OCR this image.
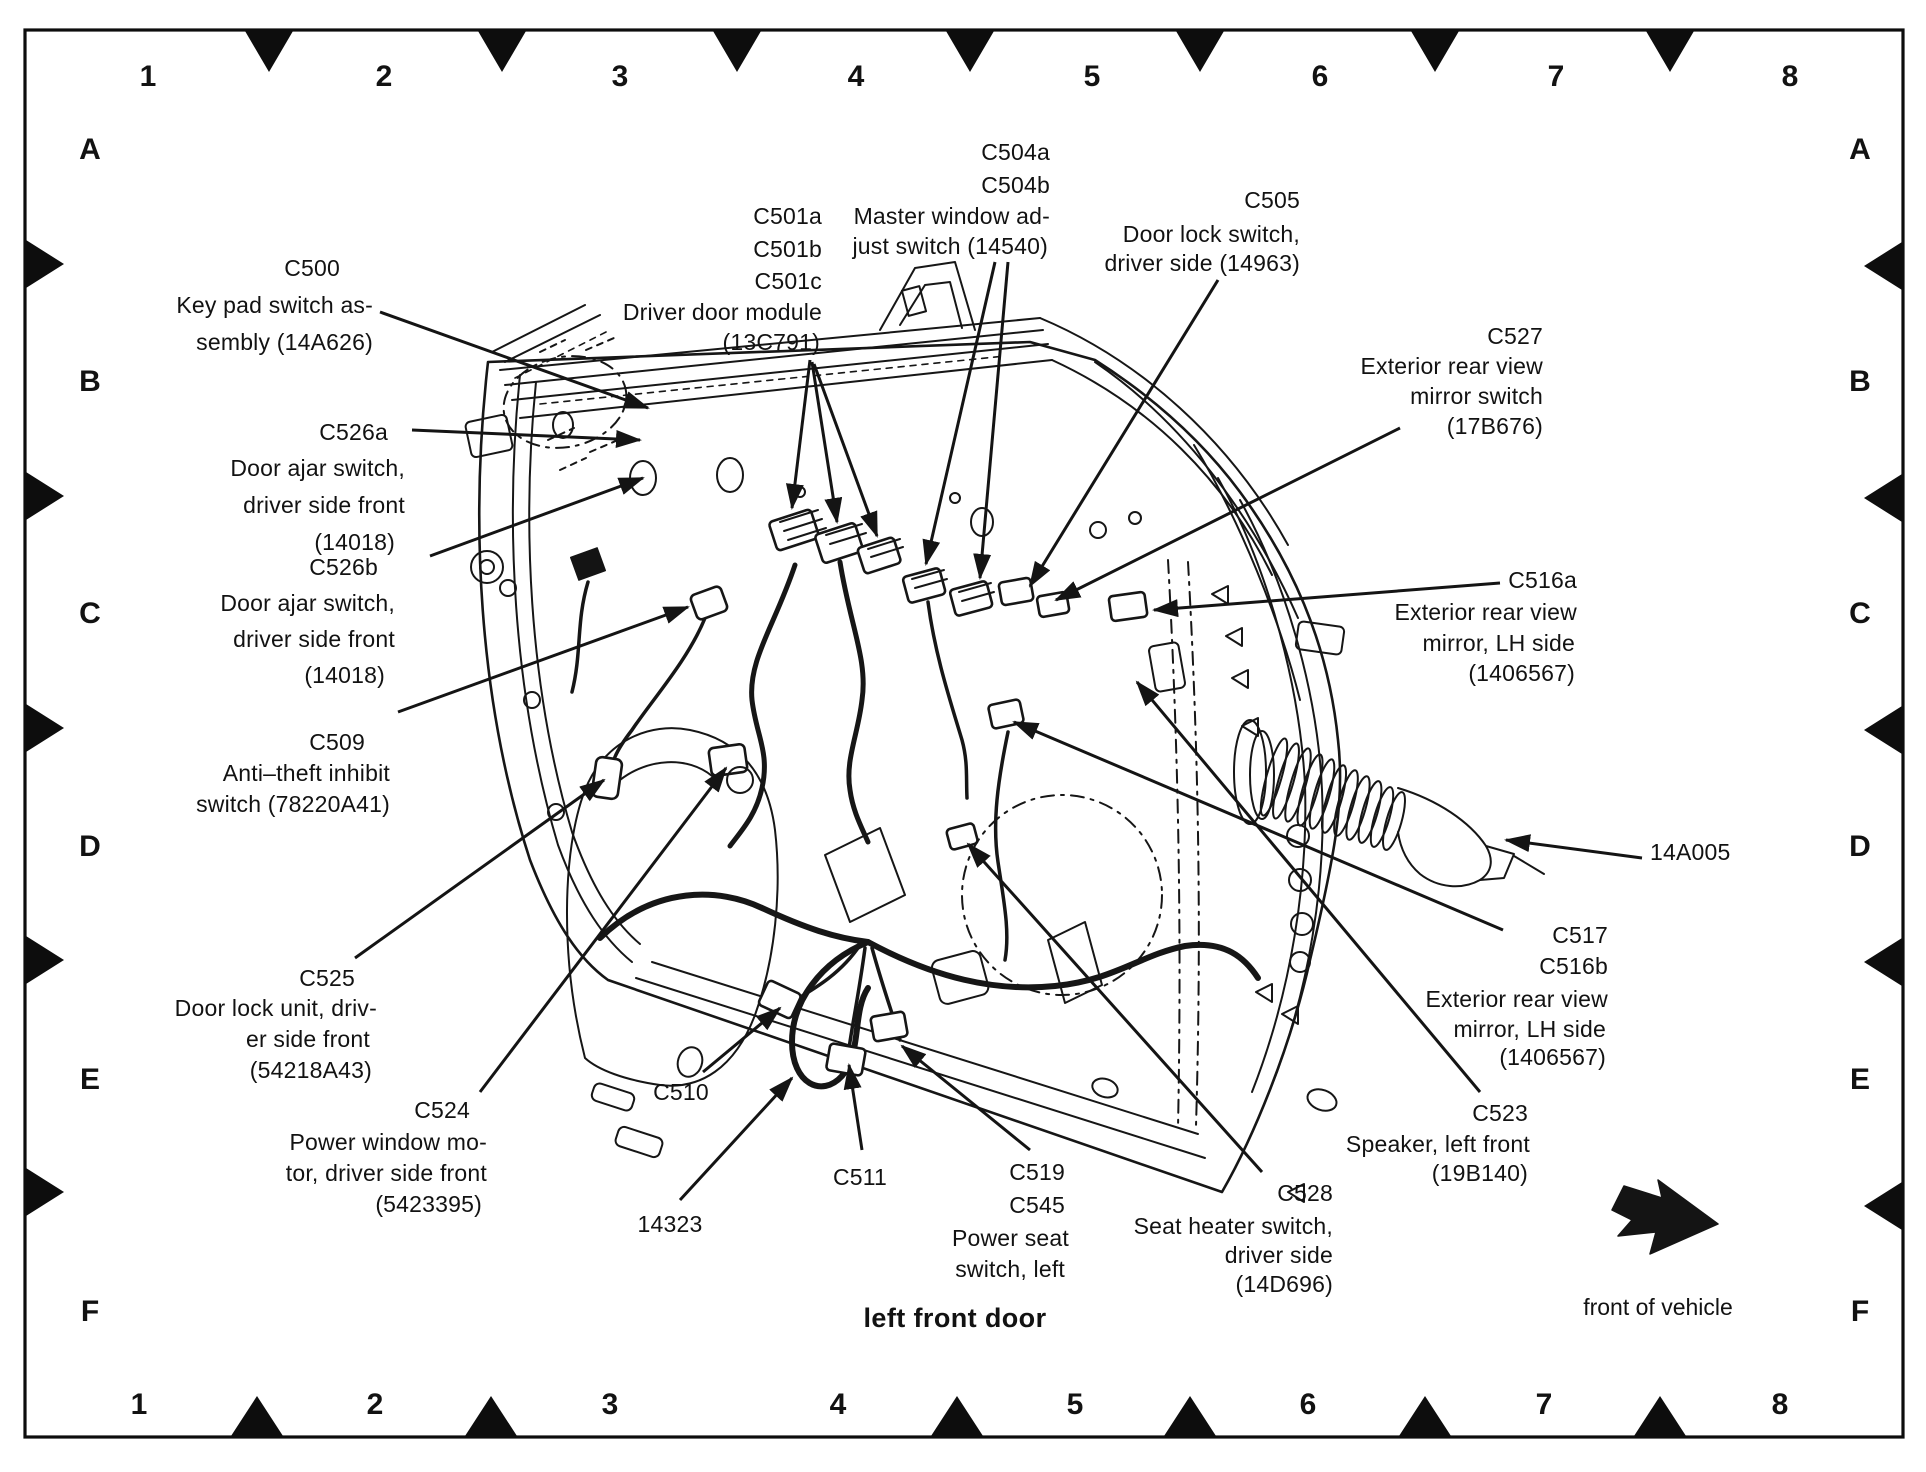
1	2	3	4	5	6	7	8
1	2	3	4	5	6	7	8
A
B
C
D
E
F
A
B
C
D
E
F
C500
Key pad switch as-
sembly (14A626)
C526a
Door ajar switch,
driver side front
(14018)
C526b
Door ajar switch,
driver side front
(14018)
C509
Anti–theft inhibit
switch (78220A41)
C525
Door lock unit, driv-
er side front
(54218A43)
C524
Power window mo-
tor, driver side front
(5423395)
C510
14323
C511	C519
C545
Power seat
switch, left
C501a
C501b
C501c
Driver door module
(13C791)
C504a
C504b
Master window ad-
just switch (14540)
C505
Door lock switch,
driver side (14963)
C527
Exterior rear view
mirror switch
(17B676)
C516a
Exterior rear view
mirror, LH side
(1406567)
14A005
C517
C516b
Exterior rear view
mirror, LH side
(1406567)
C523
Speaker, left front
(19B140)
C528
Seat heater switch,
driver side
(14D696)
left front door	front of vehicle
